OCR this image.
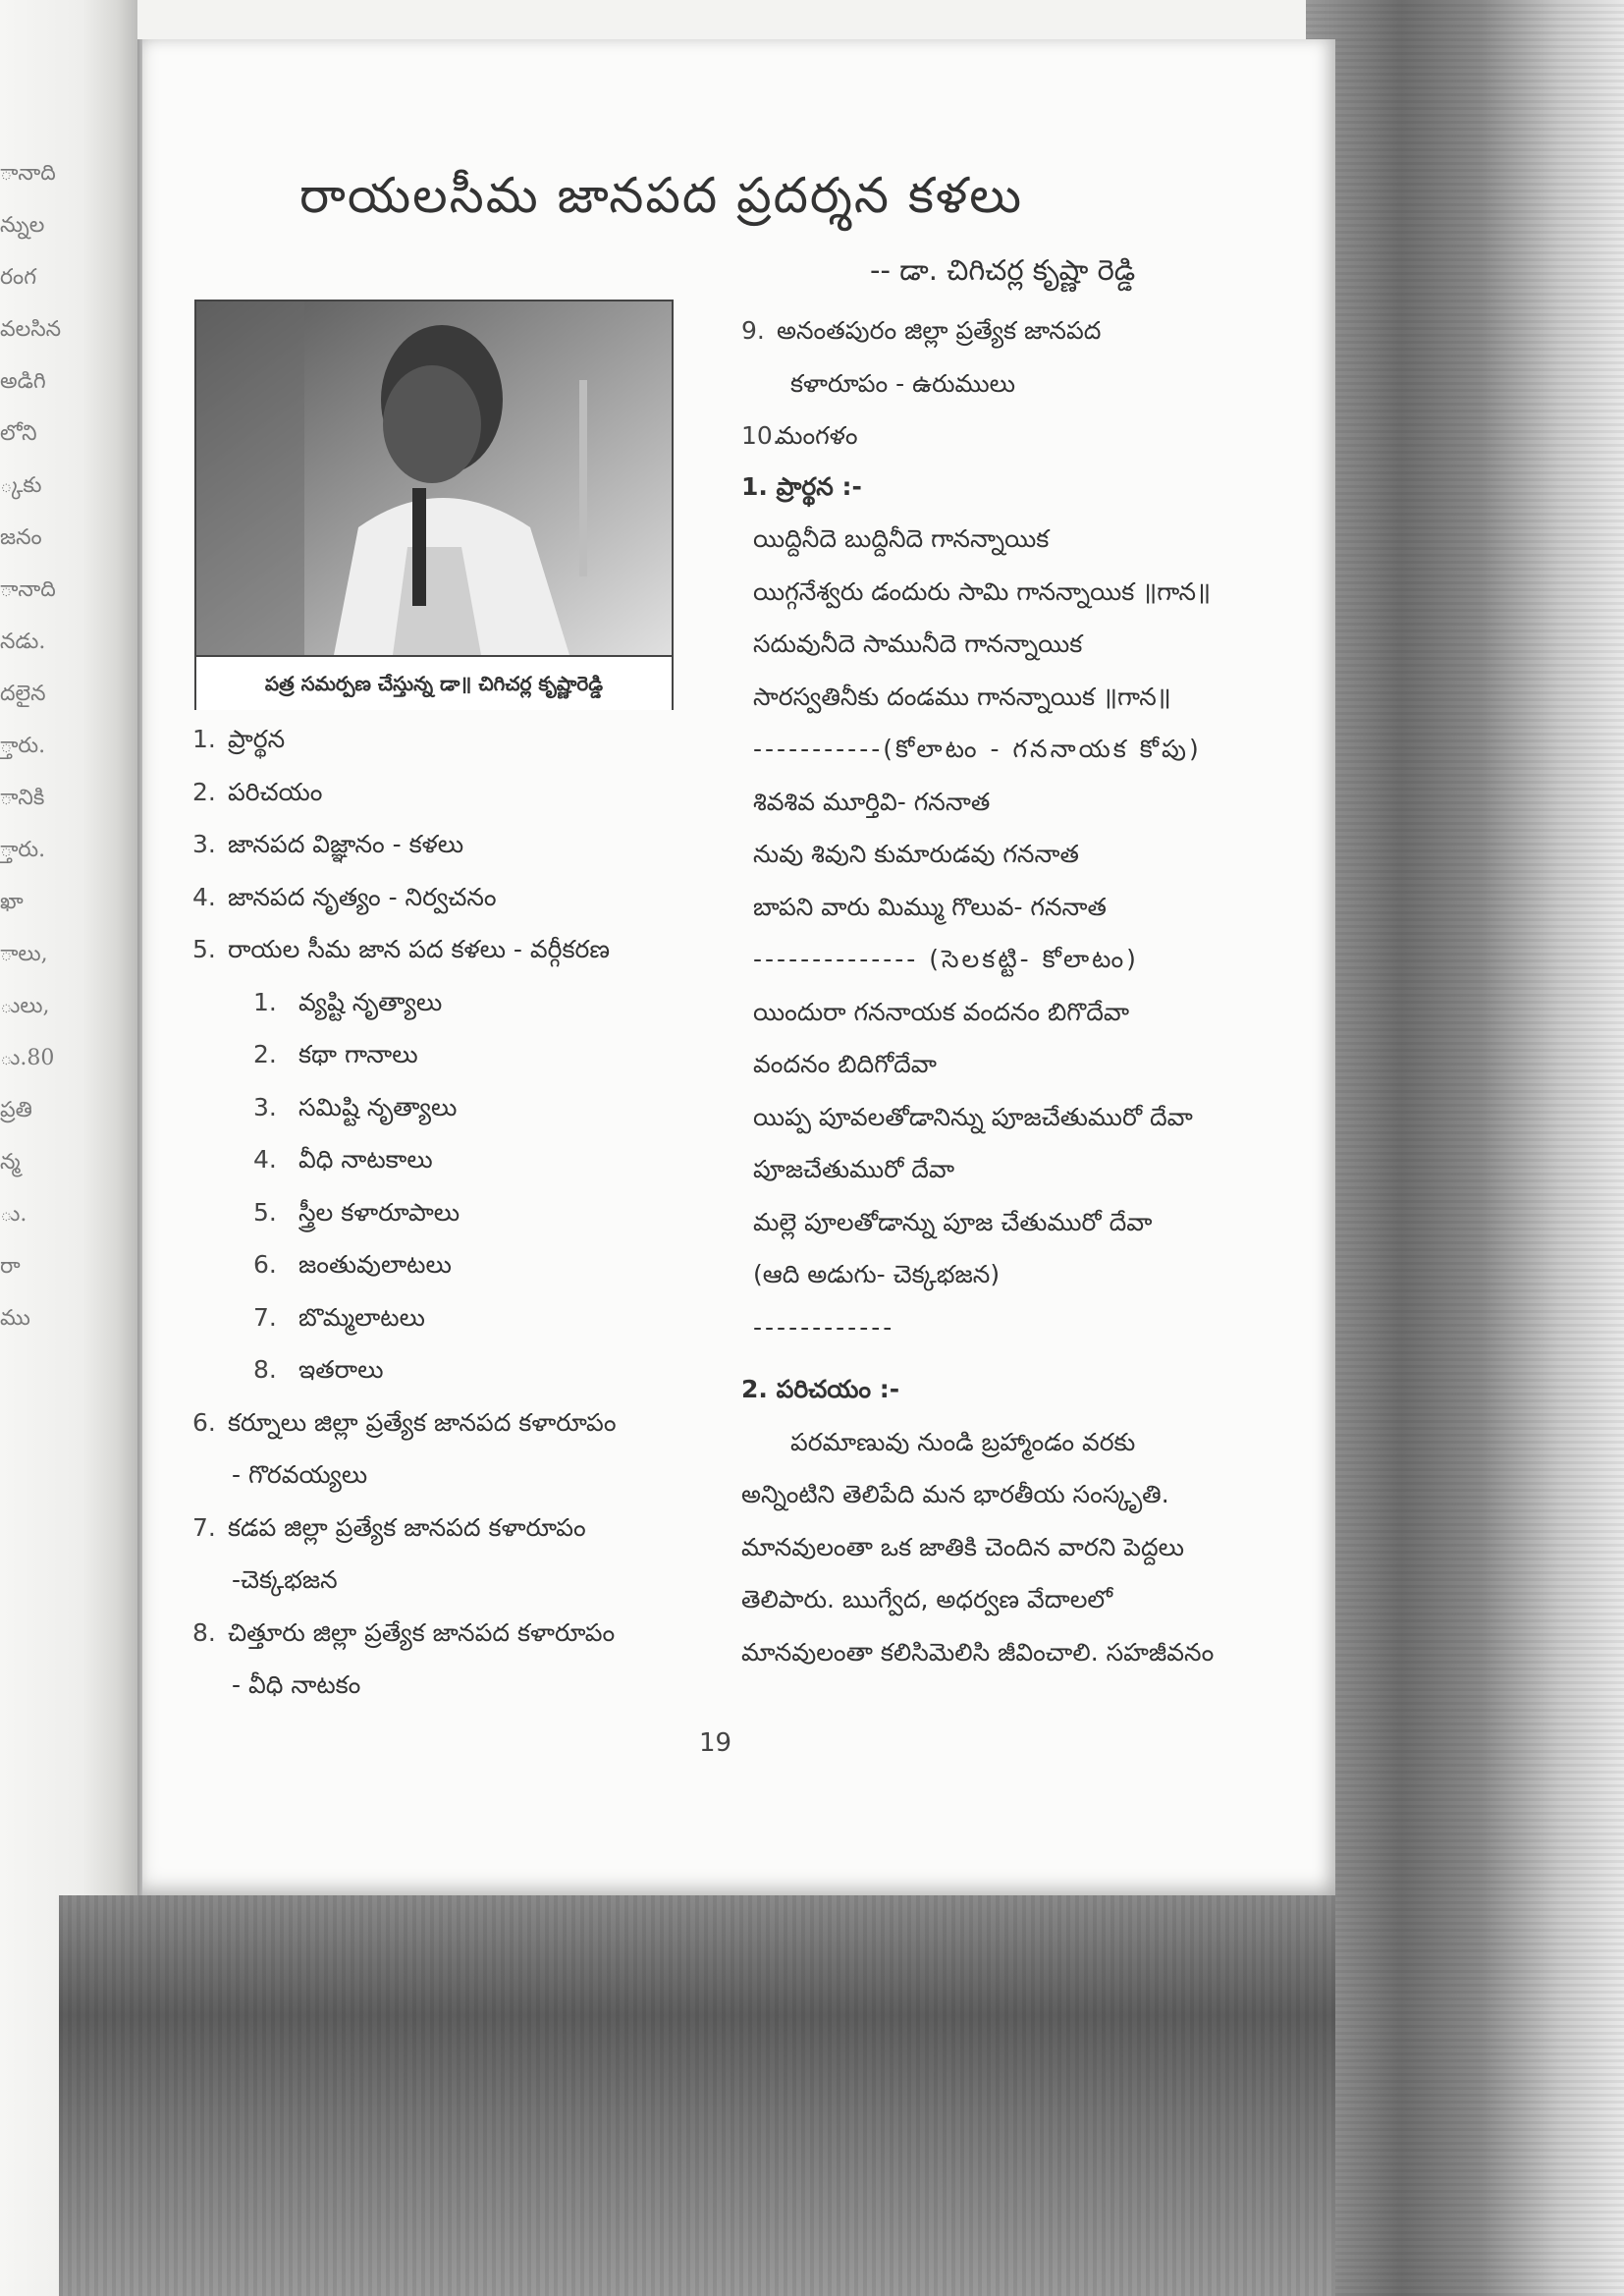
ానాది
న్నుల
రంగ
వలసిన
అడిగి
లోని
్కకు
జనం
ానాది
నడు.
దలైన
్తారు.
ానికి
్తారు.
ఖా
ాలు,
ులు,
ు.80
ప్రతి
న్మ
ు.
రా
ము
రాయలసీమ జానపద ప్రదర్శన కళలు
-- డా. చిగిచర్ల కృష్ణా రెడ్డి
పత్ర సమర్పణ చేస్తున్న డా॥ చిగిచర్ల కృష్ణారెడ్డి
1. ప్రార్థన
2. పరిచయం
3. జానపద విజ్ఞానం - కళలు
4. జానపద నృత్యం - నిర్వచనం
5. రాయల సీమ జాన పద కళలు - వర్గీకరణ
1. వ్యష్టి నృత్యాలు
2. కథా గానాలు
3. సమిష్టి నృత్యాలు
4. వీధి నాటకాలు
5. స్త్రీల కళారూపాలు
6. జంతువులాటలు
7. బొమ్మలాటలు
8. ఇతరాలు
6. కర్నూలు జిల్లా ప్రత్యేక జానపద కళారూపం
- గొరవయ్యలు
7. కడప జిల్లా ప్రత్యేక జానపద కళారూపం
-చెక్కభజన
8. చిత్తూరు జిల్లా ప్రత్యేక జానపద కళారూపం
- వీధి నాటకం
9. అనంతపురం జిల్లా ప్రత్యేక జానపద
కళారూపం - ఉరుములు
10.మంగళం
1. ప్రార్థన :-
యిద్దినీదె బుద్దినీదె గానన్నాయిక
యిగ్గనేశ్వరు డందురు సామి గానన్నాయిక ॥గాన॥
సదువునీదె సామునీదె గానన్నాయిక
సారస్వతినీకు దండము గానన్నాయిక ॥గాన॥
-----------(కోలాటం - గననాయక కోపు)
శివశివ మూర్తివి- గననాత
నువు శివుని కుమారుడవు గననాత
బాపని వారు మిమ్ము గొలువ- గననాత
-------------- (సెలకట్టి- కోలాటం)
యిందురా గననాయక వందనం బిగొదేవా
వందనం బిదిగోదేవా
యిప్ప పూవలతోడానిన్ను పూజచేతుమురో దేవా
పూజచేతుమురో దేవా
మల్లె పూలతోడాన్ను పూజ చేతుమురో దేవా
(ఆది అడుగు- చెక్కభజన)
------------
2. పరిచయం :-
పరమాణువు నుండి బ్రహ్మాండం వరకు
అన్నింటిని తెలిపేది మన భారతీయ సంస్కృతి.
మానవులంతా ఒక జాతికి చెందిన వారని పెద్దలు
తెలిపారు. ఋగ్వేద, అధర్వణ వేదాలలో
మానవులంతా కలిసిమెలిసి జీవించాలి. సహజీవనం
19
